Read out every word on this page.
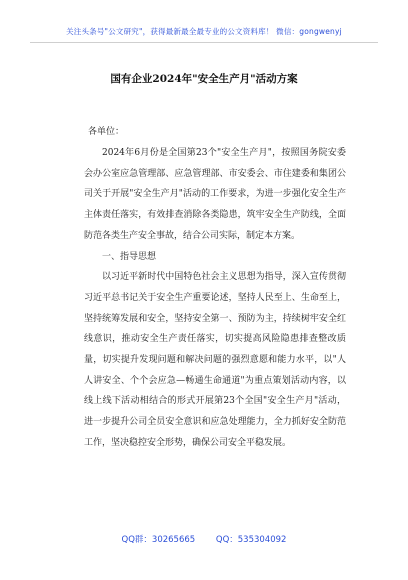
关注头条号"公文研究"，获得最新最全最专业的公文资料库！ 微信：gongwenyj
国有企业2024年"安全生产月"活动方案
各单位：
2024年6月份是全国第23个"安全生产月"，按照国务院安委会办公室应急管理部、应急管理部、市安委会、市住建委和集团公司关于开展"安全生产月"活动的工作要求，为进一步强化安全生产主体责任落实，有效排查消除各类隐患，筑牢安全生产防线，全面防范各类生产安全事故，结合公司实际，制定本方案。
一、指导思想
以习近平新时代中国特色社会主义思想为指导，深入宣传贯彻习近平总书记关于安全生产重要论述，坚持人民至上、生命至上，坚持统筹发展和安全，坚持安全第一、预防为主，持续树牢安全红线意识，推动安全生产责任落实，切实提高风险隐患排查整改质量，切实提升发现问题和解决问题的强烈意愿和能力水平，以"人人讲安全、个个会应急—畅通生命通道"为重点策划活动内容，以线上线下活动相结合的形式开展第23个全国"安全生产月"活动，进一步提升公司全员安全意识和应急处理能力，全力抓好安全防范工作，坚决稳控安全形势，确保公司安全平稳发展。
QQ群：30265665 QQ：535304092
